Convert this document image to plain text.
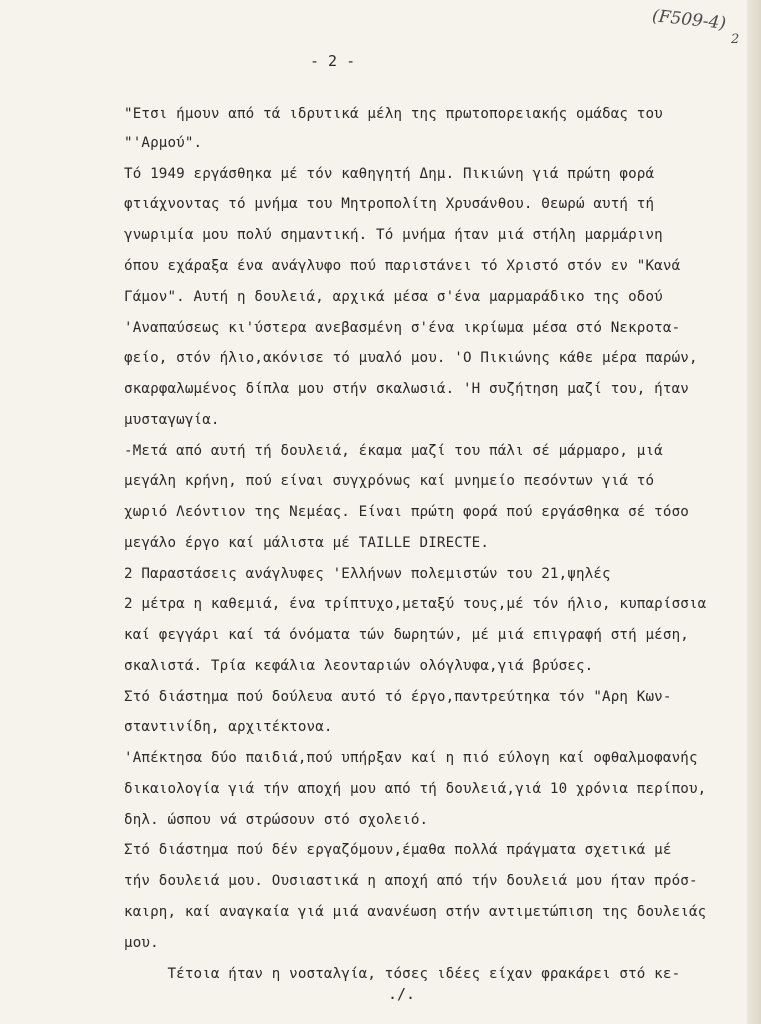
(F509-4)
2
- 2 -
"Ετσι ήμουν από τά ιδρυτικά μέλη της πρωτοπορειακής ομάδας του
"'Αρμού".
Τό 1949 εργάσθηκα μέ τόν καθηγητή Δημ. Πικιώνη γιά πρώτη φορά
φτιάχνοντας τό μνήμα του Μητροπολίτη Χρυσάνθου. Θεωρώ αυτή τή
γνωριμία μου πολύ σημαντική. Τό μνήμα ήταν μιά στήλη μαρμάρινη
όπου εχάραξα ένα ανάγλυφο πού παριστάνει τό Χριστό στόν εν "Κανά
Γάμον". Αυτή η δουλειά, αρχικά μέσα σ'ένα μαρμαράδικο της οδού
'Αναπαύσεως κι'ύστερα ανεβασμένη σ'ένα ικρίωμα μέσα στό Νεκροτα-
φείο, στόν ήλιο,ακόνισε τό μυαλό μου. 'Ο Πικιώνης κάθε μέρα παρών,
σκαρφαλωμένος δίπλα μου στήν σκαλωσιά. 'Η συζήτηση μαζί του, ήταν
μυσταγωγία.
-Μετά από αυτή τή δουλειά, έκαμα μαζί του πάλι σέ μάρμαρο, μιά
μεγάλη κρήνη, πού είναι συγχρόνως καί μνημείο πεσόντων γιά τό
χωριό Λεόντιον της Νεμέας. Είναι πρώτη φορά πού εργάσθηκα σέ τόσο
μεγάλο έργο καί μάλιστα μέ TAILLE DIRECTE.
2 Παραστάσεις ανάγλυφες 'Ελλήνων πολεμιστών του 21,ψηλές
2 μέτρα η καθεμιά, ένα τρίπτυχο,μεταξύ τους,μέ τόν ήλιο, κυπαρίσσια
καί φεγγάρι καί τά όνόματα τών δωρητών, μέ μιά επιγραφή στή μέση,
σκαλιστά. Τρία κεφάλια λεονταριών ολόγλυφα,γιά βρύσες.
Στό διάστημα πού δούλευα αυτό τό έργο,παντρεύτηκα τόν "Αρη Κων-
σταντινίδη, αρχιτέκτονα.
'Απέκτησα δύο παιδιά,πού υπήρξαν καί η πιό εύλογη καί οφθαλμοφανής
δικαιολογία γιά τήν αποχή μου από τή δουλειά,γιά 10 χρόνια περίπου,
δηλ. ώσπου νά στρώσουν στό σχολειό.
Στό διάστημα πού δέν εργαζόμουν,έμαθα πολλά πράγματα σχετικά μέ
τήν δουλειά μου. Ουσιαστικά η αποχή από τήν δουλειά μου ήταν πρόσ-
καιρη, καί αναγκαία γιά μιά ανανέωση στήν αντιμετώπιση της δουλειάς
μου.
Τέτοια ήταν η νοσταλγία, τόσες ιδέες είχαν φρακάρει στό κε-
./.
